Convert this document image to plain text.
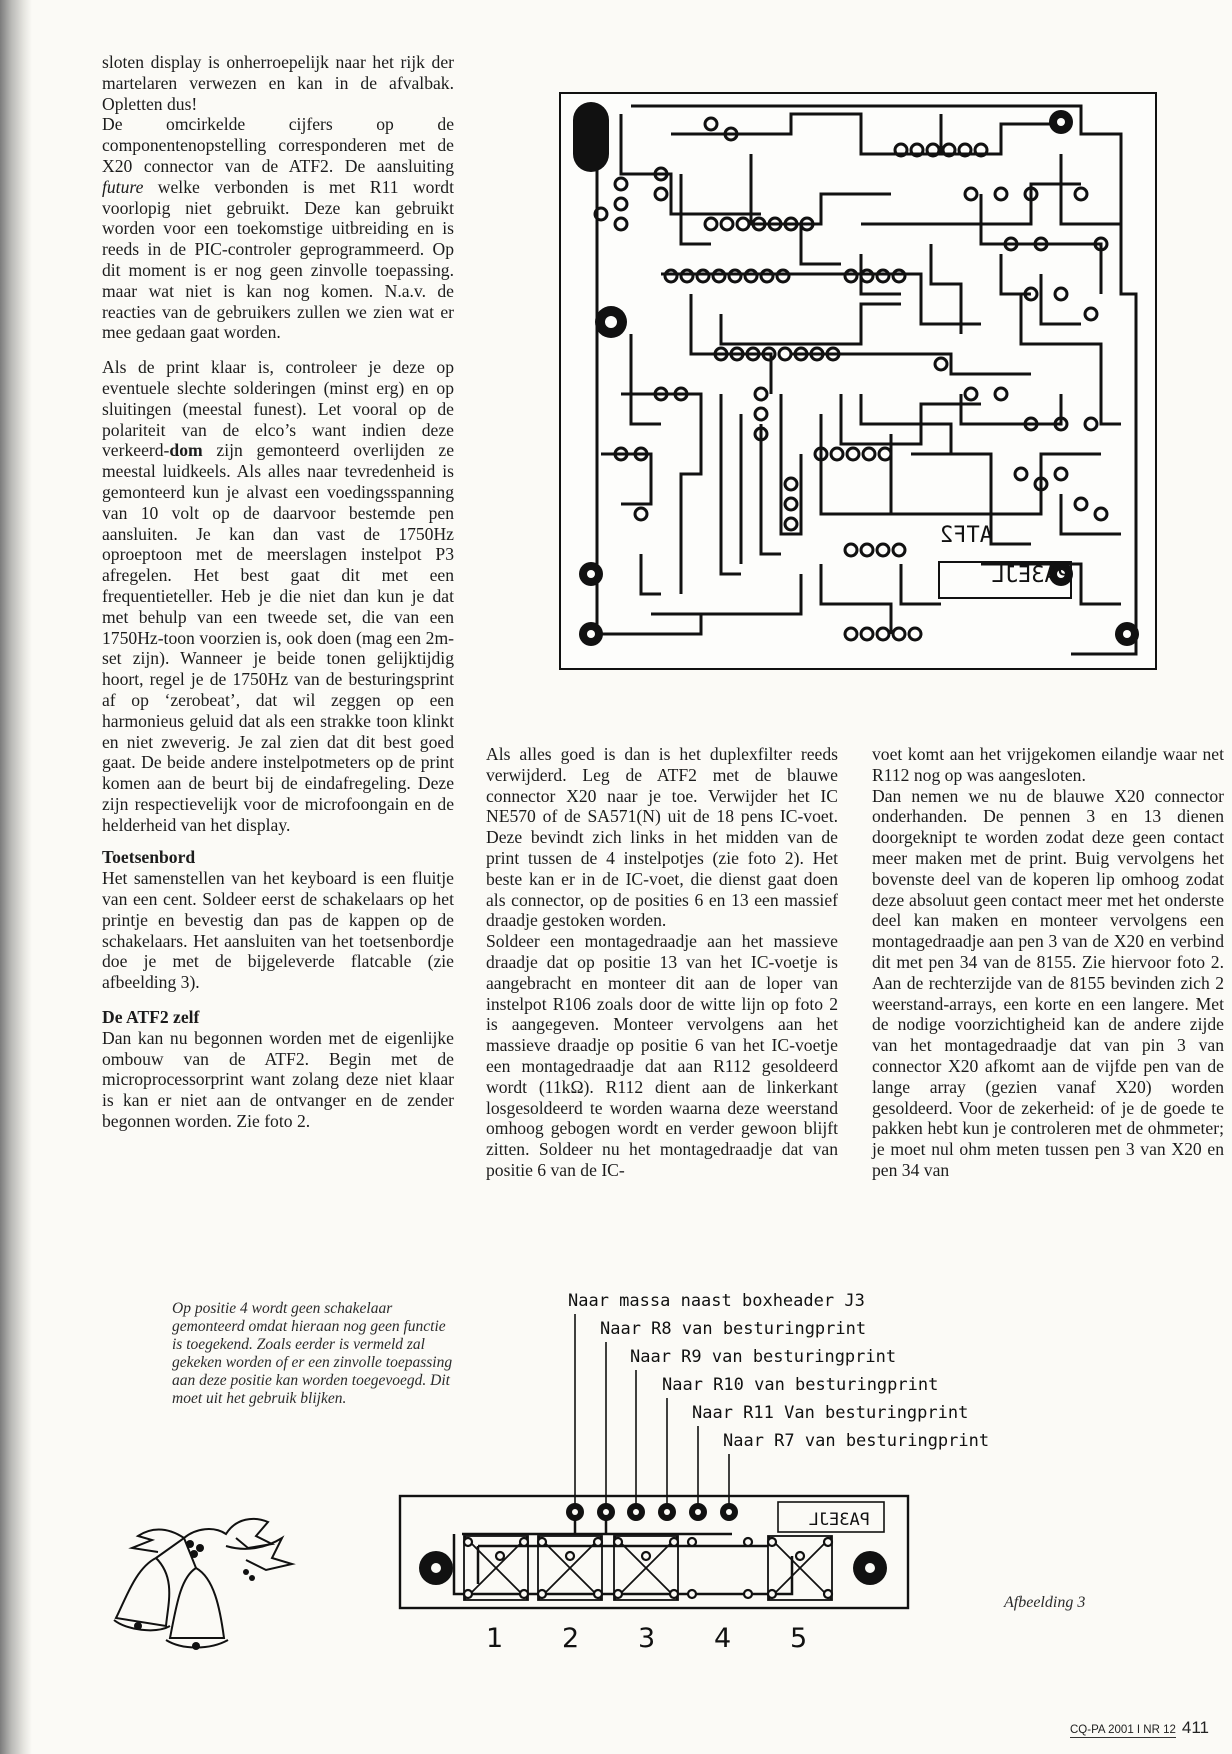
sloten display is onherroepelijk naar het rijk der martelaren verwezen en kan in de afvalbak. Opletten dus!

De omcirkelde cijfers op de componentenopstelling corresponderen met de X20 connector van de ATF2. De aansluiting future welke verbonden is met R11 wordt voorlopig niet gebruikt. Deze kan gebruikt worden voor een toekomstige uitbreiding en is reeds in de PIC-controler geprogrammeerd. Op dit moment is er nog geen zinvolle toepassing. maar wat niet is kan nog komen. N.a.v. de reacties van de gebruikers zullen we zien wat er mee gedaan gaat worden.

Als de print klaar is, controleer je deze op eventuele slechte solderingen (minst erg) en op sluitingen (meestal funest). Let vooral op de polariteit van de elco’s want indien deze verkeerd-dom zijn gemonteerd overlijden ze meestal luidkeels. Als alles naar tevredenheid is gemonteerd kun je alvast een voedingsspanning van 10 volt op de daarvoor bestemde pen aansluiten. Je kan dan vast de 1750Hz oproeptoon met de meerslagen instelpot P3 afregelen. Het best gaat dit met een frequentieteller. Heb je die niet dan kun je dat met behulp van een tweede set, die van een 1750Hz-toon voorzien is, ook doen (mag een 2m-set zijn). Wanneer je beide tonen gelijktijdig hoort, regel je de 1750Hz van de besturingsprint af op ‘zerobeat’, dat wil zeggen op een harmonieus geluid dat als een strakke toon klinkt en niet zweverig. Je zal zien dat dit best goed gaat. De beide andere instelpotmeters op de print komen aan de beurt bij de eindafregeling. Deze zijn respectievelijk voor de microfoongain en de helderheid van het display.

Toetsenbord

Het samenstellen van het keyboard is een fluitje van een cent. Soldeer eerst de schakelaars op het printje en bevestig dan pas de kappen op de schakelaars. Het aansluiten van het toetsenbordje doe je met de bijgeleverde flatcable (zie afbeelding 3).

De ATF2 zelf

Dan kan nu begonnen worden met de eigenlijke ombouw van de ATF2. Begin met de microprocessorprint want zolang deze niet klaar is kan er niet aan de ontvanger en de zender begonnen worden. Zie foto 2.

ATF2
PA3EJL

Als alles goed is dan is het duplexfilter reeds verwijderd. Leg de ATF2 met de blauwe connector X20 naar je toe. Verwijder het IC NE570 of de SA571(N) uit de 18 pens IC-voet. Deze bevindt zich links in het midden van de print tussen de 4 instelpotjes (zie foto 2). Het beste kan er in de IC-voet, die dienst gaat doen als connector, op de posities 6 en 13 een massief draadje gestoken worden.

Soldeer een montagedraadje aan het massieve draadje dat op positie 13 van het IC-voetje is aangebracht en monteer dit aan de loper van instelpot R106 zoals door de witte lijn op foto 2 is aangegeven. Monteer vervolgens aan het massieve draadje op positie 6 van het IC-voetje een montagedraadje dat aan R112 gesoldeerd wordt (11kΩ). R112 dient aan de linkerkant losgesoldeerd te worden waarna deze weerstand omhoog gebogen wordt en verder gewoon blijft zitten. Soldeer nu het montagedraadje dat van positie 6 van de IC-

voet komt aan het vrijgekomen eilandje waar net R112 nog op was aangesloten.

Dan nemen we nu de blauwe X20 connector onderhanden. De pennen 3 en 13 dienen doorgeknipt te worden zodat deze geen contact meer maken met de print. Buig vervolgens het bovenste deel van de koperen lip omhoog zodat deze absoluut geen contact meer met het onderste deel kan maken en monteer vervolgens een montagedraadje aan pen 3 van de X20 en verbind dit met pen 34 van de 8155. Zie hiervoor foto 2. Aan de rechterzijde van de 8155 bevinden zich 2 weerstand-arrays, een korte en een langere. Met de nodige voorzichtigheid kan de andere zijde van het montagedraadje dat van pin 3 van connector X20 afkomt aan de vijfde pen van de lange array (gezien vanaf X20) worden gesoldeerd. Voor de zekerheid: of je de goede te pakken hebt kun je controleren met de ohmmeter; je moet nul ohm meten tussen pen 3 van X20 en pen 34 van

Op positie 4 wordt geen schakelaar gemonteerd omdat hieraan nog geen functie is toegekend. Zoals eerder is vermeld zal gekeken worden of er een zinvolle toepassing aan deze positie kan worden toegevoegd. Dit moet uit het gebruik blijken.
Afbeelding 3
Naar massa naast boxheader J3
Naar R8 van besturingprint
Naar R9 van besturingprint
Naar R10 van besturingprint
Naar R11 Van besturingprint
Naar R7 van besturingprint
PA3EJL
1 2 3 4 5
CQ-PA 2001 I NR 12 411
